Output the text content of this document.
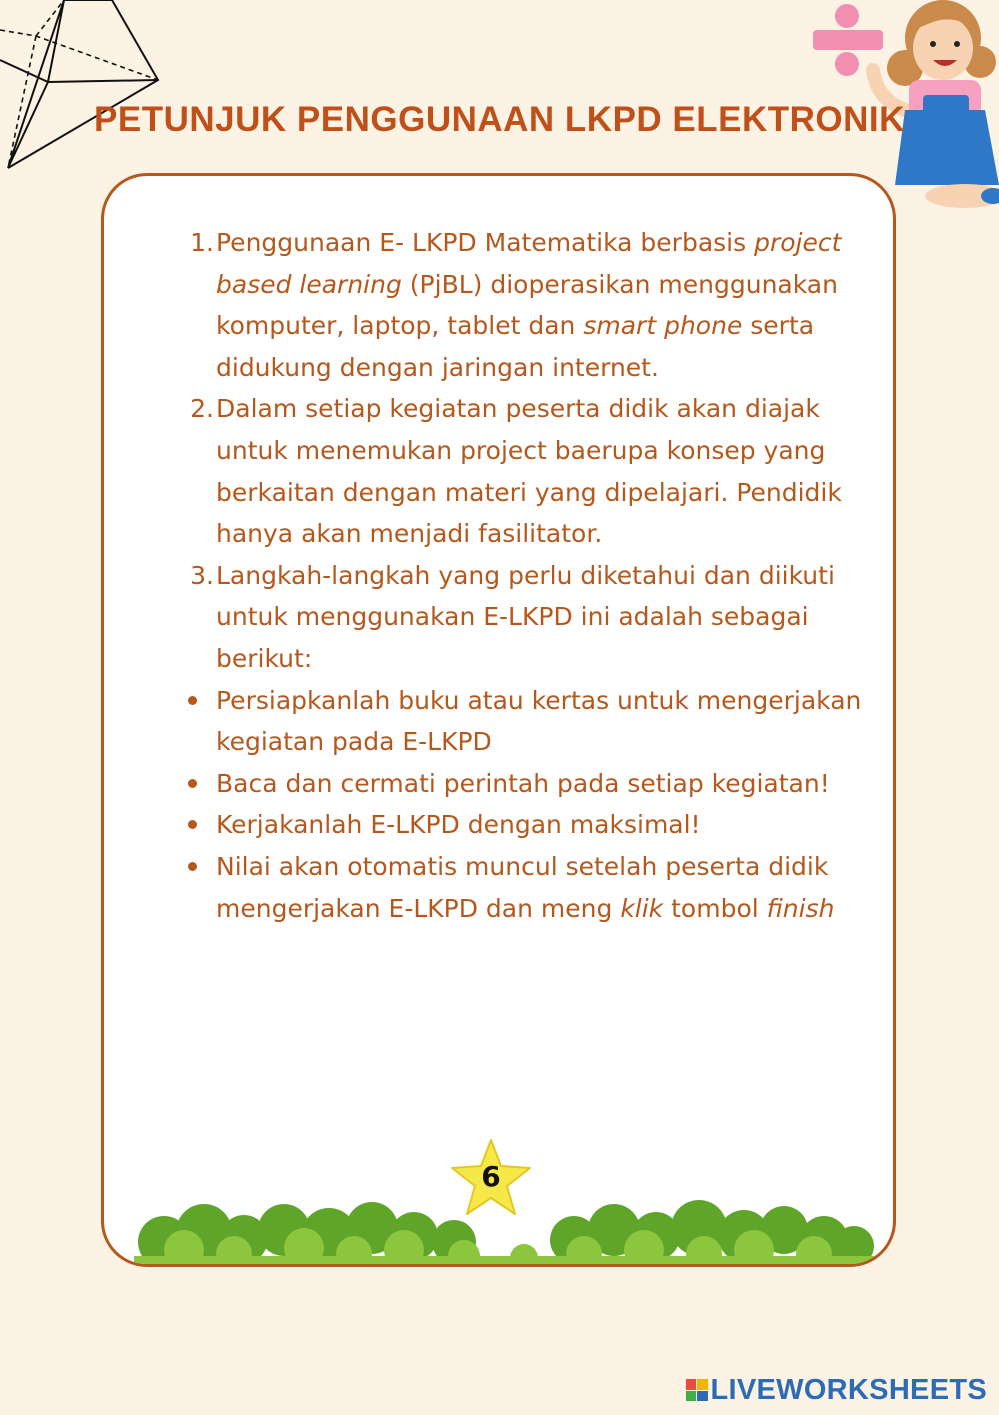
PETUNJUK PENGGUNAAN LKPD ELEKTRONIK
1. Penggunaan E- LKPD Matematika berbasis project based learning (PjBL) dioperasikan menggunakan komputer, laptop, tablet dan smart phone serta didukung dengan jaringan internet.
2. Dalam setiap kegiatan peserta didik akan diajak untuk menemukan project baerupa konsep yang berkaitan dengan materi yang dipelajari. Pendidik hanya akan menjadi fasilitator.
3. Langkah-langkah yang perlu diketahui dan diikuti untuk menggunakan E-LKPD ini adalah sebagai berikut:
Persiapkanlah buku atau kertas untuk mengerjakan kegiatan pada E-LKPD
Baca dan cermati perintah pada setiap kegiatan!
Kerjakanlah E-LKPD dengan maksimal!
Nilai akan otomatis muncul setelah peserta didik mengerjakan E-LKPD dan meng klik tombol finish
6
LIVEWORKSHEETS
